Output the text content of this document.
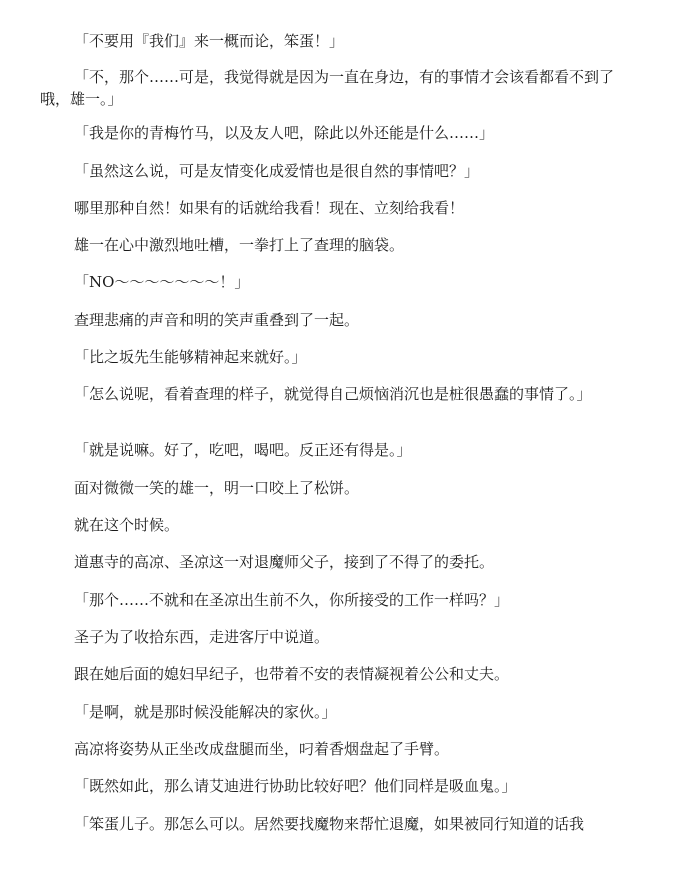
「不要用『我们』来一概而论，笨蛋！」

「不，那个……可是，我觉得就是因为一直在身边，有的事情才会该看都看不到了哦，雄一。」

「我是你的青梅竹马，以及友人吧，除此以外还能是什么……」

「虽然这么说，可是友情变化成爱情也是很自然的事情吧？」

哪里那种自然！如果有的话就给我看！现在、立刻给我看！

雄一在心中激烈地吐槽，一拳打上了查理的脑袋。

「NO～～～～～～～！」

查理悲痛的声音和明的笑声重叠到了一起。

「比之坂先生能够精神起来就好。」

「怎么说呢，看着查理的样子，就觉得自己烦恼消沉也是桩很愚蠢的事情了。」

「就是说嘛。好了，吃吧，喝吧。反正还有得是。」

面对微微一笑的雄一，明一口咬上了松饼。

就在这个时候。

道惠寺的高凉、圣凉这一对退魔师父子，接到了不得了的委托。

「那个……不就和在圣凉出生前不久，你所接受的工作一样吗？」

圣子为了收拾东西，走进客厅中说道。

跟在她后面的媳妇早纪子，也带着不安的表情凝视着公公和丈夫。

「是啊，就是那时候没能解决的家伙。」

高凉将姿势从正坐改成盘腿而坐，叼着香烟盘起了手臂。

「既然如此，那么请艾迪进行协助比较好吧？他们同样是吸血鬼。」

「笨蛋儿子。那怎么可以。居然要找魔物来帮忙退魔，如果被同行知道的话我
